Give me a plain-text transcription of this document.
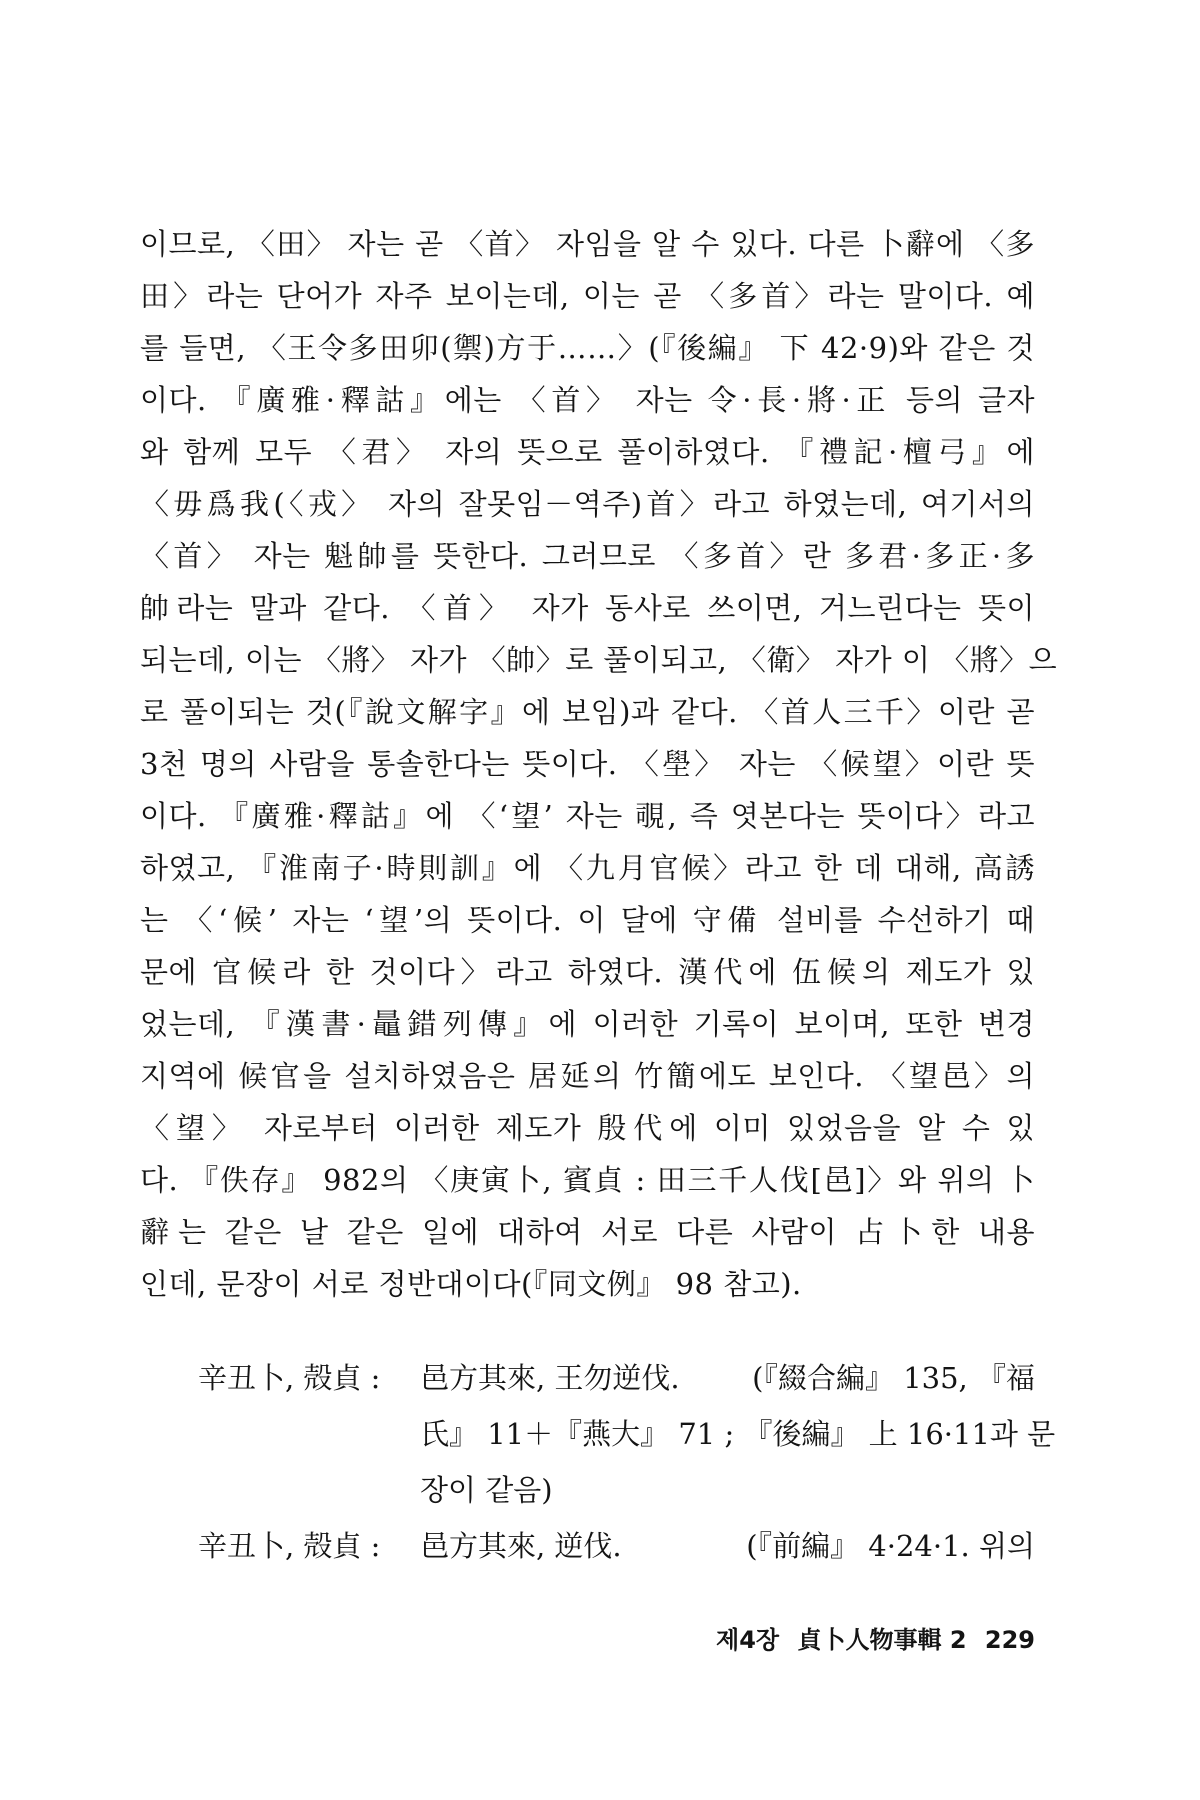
이므로, 〈田〉 자는 곧 〈首〉 자임을 알 수 있다. 다른 卜辭에 〈多
田〉라는 단어가 자주 보이는데, 이는 곧 〈多首〉라는 말이다. 예
를 들면, 〈王令多田卯(禦)方于……〉(『後編』 下 42·9)와 같은 것
이다. 『廣雅·釋詁』에는 〈首〉 자는 令·長·將·正 등의 글자
와 함께 모두 〈君〉 자의 뜻으로 풀이하였다. 『禮記·檀弓』에
〈毋爲我(〈戎〉 자의 잘못임－역주)首〉라고 하였는데, 여기서의
〈首〉 자는 魁帥를 뜻한다. 그러므로 〈多首〉란 多君·多正·多
帥라는 말과 같다. 〈首〉 자가 동사로 쓰이면, 거느린다는 뜻이
되는데, 이는 〈將〉 자가 〈帥〉로 풀이되고, 〈衛〉 자가 이 〈將〉으
로 풀이되는 것(『說文解字』에 보임)과 같다. 〈首人三千〉이란 곧
3천 명의 사람을 통솔한다는 뜻이다. 〈壆〉 자는 〈候望〉이란 뜻
이다. 『廣雅·釋詁』에 〈‘望’ 자는 覗, 즉 엿본다는 뜻이다〉라고
하였고, 『淮南子·時則訓』에 〈九月官候〉라고 한 데 대해, 高誘
는 〈‘候’ 자는 ‘望’의 뜻이다. 이 달에 守備 설비를 수선하기 때
문에 官候라 한 것이다〉라고 하였다. 漢代에 伍候의 제도가 있
었는데, 『漢書·鼂錯列傳』에 이러한 기록이 보이며, 또한 변경
지역에 候官을 설치하였음은 居延의 竹簡에도 보인다. 〈望邑〉의
〈望〉 자로부터 이러한 제도가 殷代에 이미 있었음을 알 수 있
다. 『佚存』 982의 〈庚寅卜, 賓貞 : 田三千人伐[邑]〉와 위의 卜
辭는 같은 날 같은 일에 대하여 서로 다른 사람이 占卜한 내용
인데, 문장이 서로 정반대이다(『同文例』 98 참고).
辛丑卜, 殻貞 :	邑方其來, 王勿逆伐.	(『綴合編』 135, 『福
氏』 11＋『燕大』 71 ; 『後編』 上 16·11과 문
장이 같음)
辛丑卜, 殻貞 :	邑方其來, 逆伐.	(『前編』 4·24·1. 위의
제4장 貞卜人物事輯 2 229
